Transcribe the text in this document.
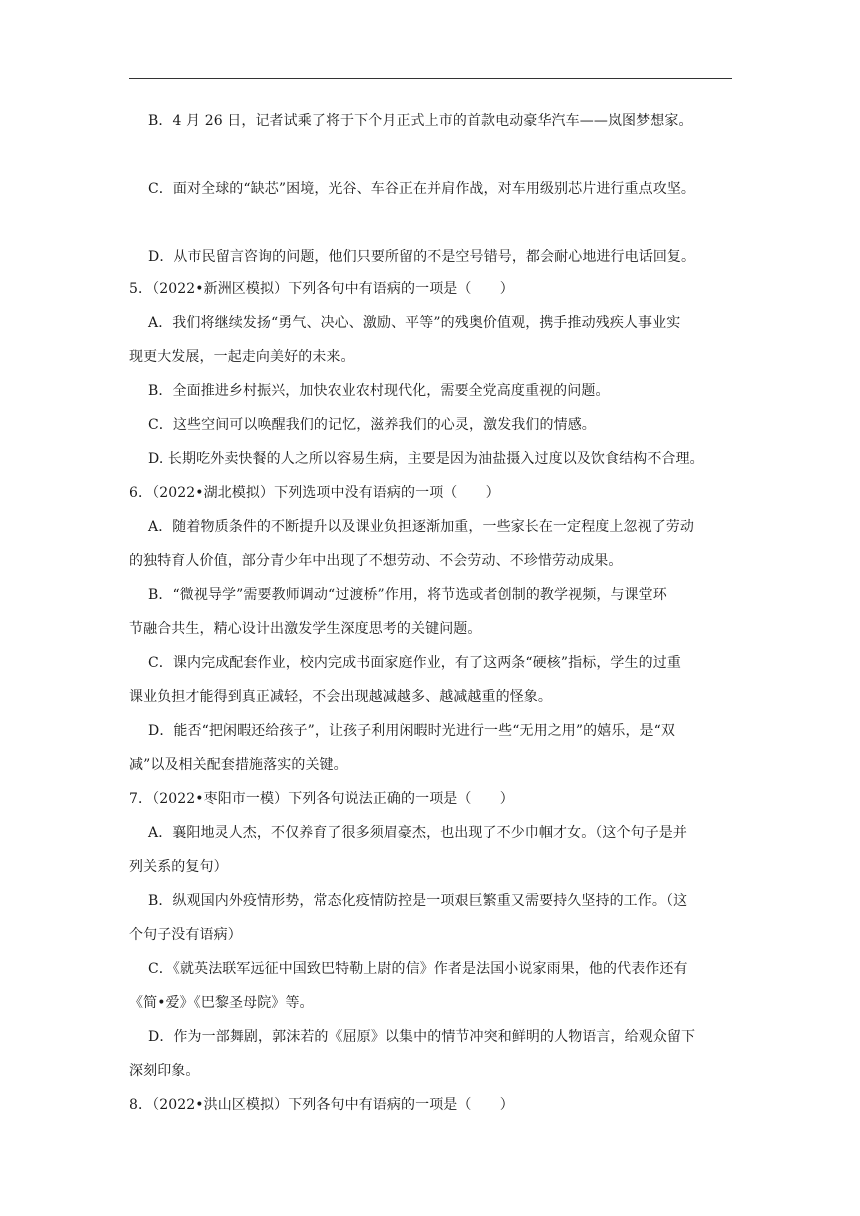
B．4 月 26 日，记者试乘了将于下个月正式上市的首款电动豪华汽车——岚图梦想家。
C．面对全球的“缺芯”困境，光谷、车谷正在并肩作战，对车用级别芯片进行重点攻坚。
D．从市民留言咨询的问题，他们只要所留的不是空号错号，都会耐心地进行电话回复。
5．（2022•新洲区模拟）下列各句中有语病的一项是（　　）
A．我们将继续发扬“勇气、决心、激励、平等”的残奥价值观，携手推动残疾人事业实
现更大发展，一起走向美好的未来。
B．全面推进乡村振兴，加快农业农村现代化，需要全党高度重视的问题。
C．这些空间可以唤醒我们的记忆，滋养我们的心灵，激发我们的情感。
D. 长期吃外卖快餐的人之所以容易生病，主要是因为油盐摄入过度以及饮食结构不合理。
6．（2022•湖北模拟）下列选项中没有语病的一项（　　）
A．随着物质条件的不断提升以及课业负担逐渐加重，一些家长在一定程度上忽视了劳动
的独特育人价值，部分青少年中出现了不想劳动、不会劳动、不珍惜劳动成果。
B．“微视导学”需要教师调动“过渡桥”作用，将节选或者创制的教学视频，与课堂环
节融合共生，精心设计出激发学生深度思考的关键问题。
C．课内完成配套作业，校内完成书面家庭作业，有了这两条“硬核”指标，学生的过重
课业负担才能得到真正减轻，不会出现越减越多、越减越重的怪象。
D．能否“把闲暇还给孩子”，让孩子利用闲暇时光进行一些“无用之用”的嬉乐，是“双
减”以及相关配套措施落实的关键。
7．（2022•枣阳市一模）下列各句说法正确的一项是（　　）
A．襄阳地灵人杰，不仅养育了很多须眉豪杰，也出现了不少巾帼才女。（这个句子是并
列关系的复句）
B．纵观国内外疫情形势，常态化疫情防控是一项艰巨繁重又需要持久坚持的工作。（这
个句子没有语病）
C．《就英法联军远征中国致巴特勒上尉的信》作者是法国小说家雨果，他的代表作还有
《简•爱》《巴黎圣母院》等。
D．作为一部舞剧，郭沫若的《屈原》以集中的情节冲突和鲜明的人物语言，给观众留下
深刻印象。
8．（2022•洪山区模拟）下列各句中有语病的一项是（　　）
